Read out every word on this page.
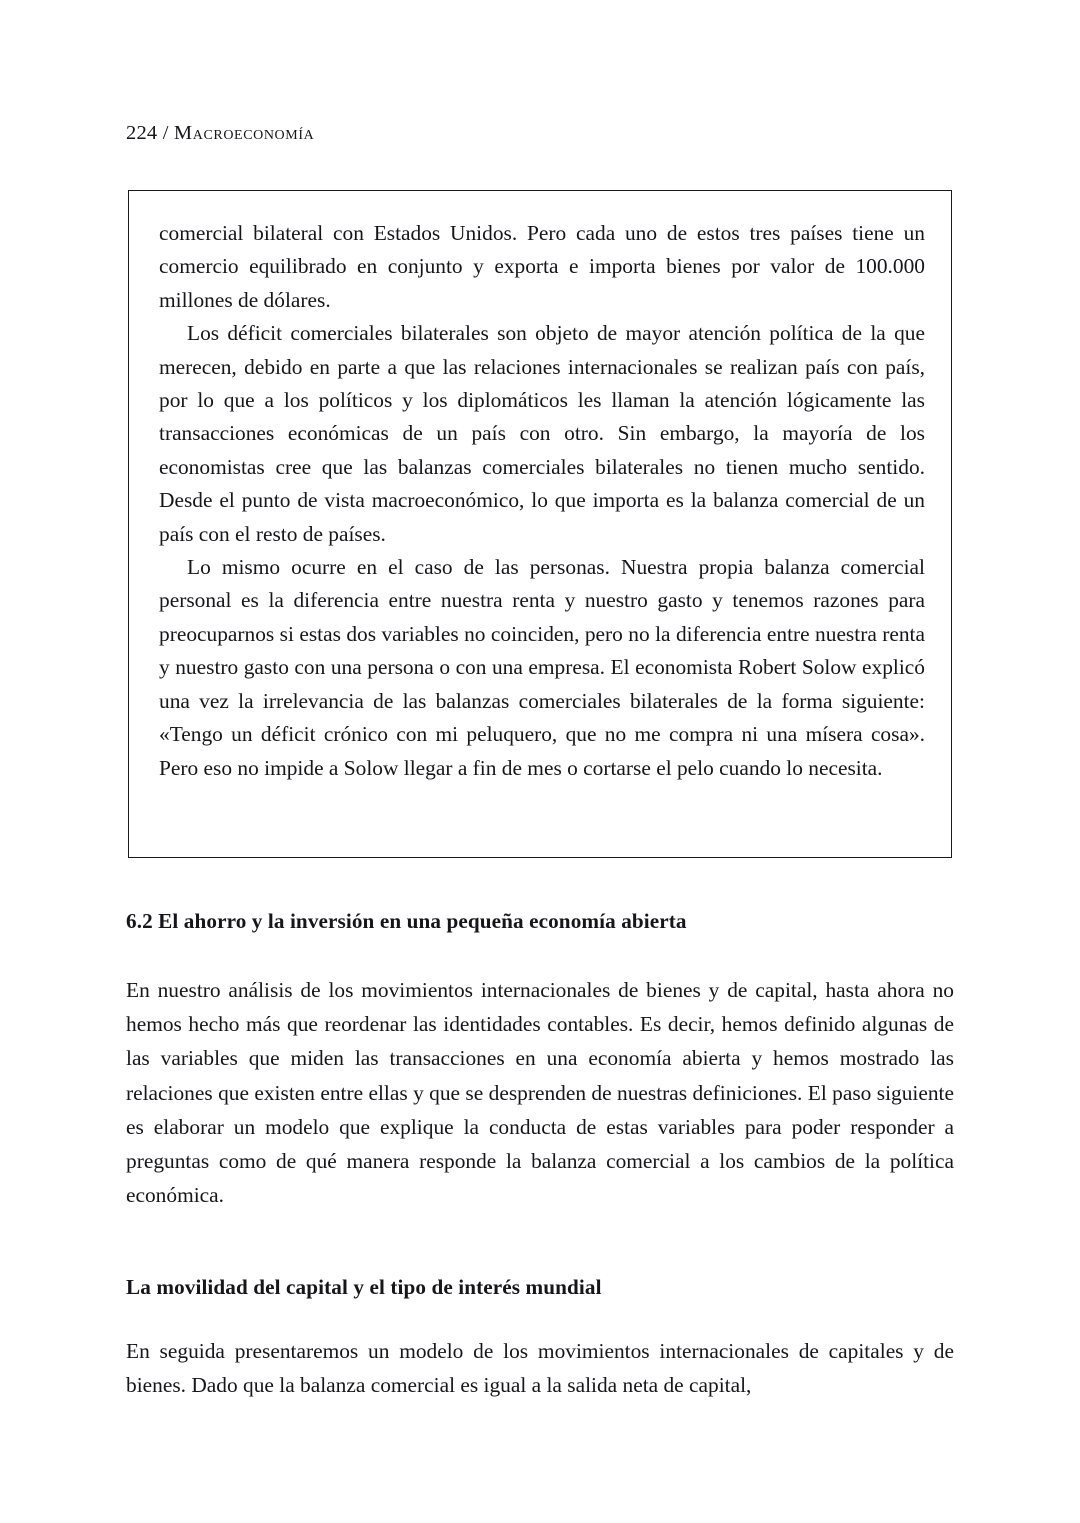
224 / Macroeconomía

comercial bilateral con Estados Unidos. Pero cada uno de estos tres países tiene un comercio equilibrado en conjunto y exporta e importa bienes por valor de 100.000 millones de dólares.

Los déficit comerciales bilaterales son objeto de mayor atención política de la que merecen, debido en parte a que las relaciones internacionales se realizan país con país, por lo que a los políticos y los diplomáticos les llaman la atención lógicamente las transacciones económicas de un país con otro. Sin embargo, la mayoría de los economistas cree que las balanzas comerciales bilaterales no tienen mucho sentido. Desde el punto de vista macroeconómico, lo que importa es la balanza comercial de un país con el resto de países.

Lo mismo ocurre en el caso de las personas. Nuestra propia balanza comercial personal es la diferencia entre nuestra renta y nuestro gasto y tenemos razones para preocuparnos si estas dos variables no coinciden, pero no la diferencia entre nuestra renta y nuestro gasto con una persona o con una empresa. El economista Robert Solow explicó una vez la irrelevancia de las balanzas comerciales bilaterales de la forma siguiente: «Tengo un déficit crónico con mi peluquero, que no me compra ni una mísera cosa». Pero eso no impide a Solow llegar a fin de mes o cortarse el pelo cuando lo necesita.

6.2 El ahorro y la inversión en una pequeña economía abierta
En nuestro análisis de los movimientos internacionales de bienes y de capital, hasta ahora no hemos hecho más que reordenar las identidades contables. Es decir, hemos definido algunas de las variables que miden las transacciones en una economía abierta y hemos mostrado las relaciones que existen entre ellas y que se desprenden de nuestras definiciones. El paso siguiente es elaborar un modelo que explique la conducta de estas variables para poder responder a preguntas como de qué manera responde la balanza comercial a los cambios de la política económica.
La movilidad del capital y el tipo de interés mundial
En seguida presentaremos un modelo de los movimientos internacionales de capitales y de bienes. Dado que la balanza comercial es igual a la salida neta de capital,
